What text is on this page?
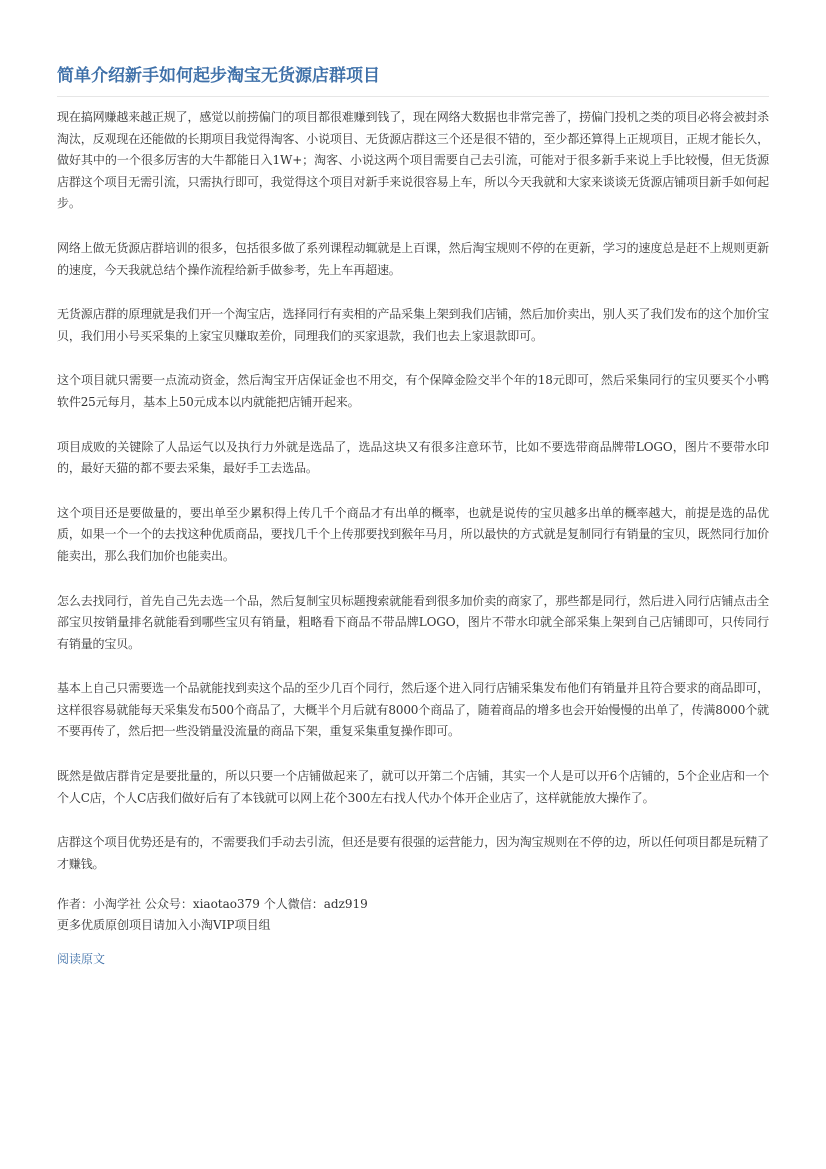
简单介绍新手如何起步淘宝无货源店群项目

现在搞网赚越来越正规了，感觉以前捞偏门的项目都很难赚到钱了，现在网络大数据也非常完善了，捞偏门投机之类的项目必将会被封杀淘汰，反观现在还能做的长期项目我觉得淘客、小说项目、无货源店群这三个还是很不错的，至少都还算得上正规项目，正规才能长久，做好其中的一个很多厉害的大牛都能日入1W+；淘客、小说这两个项目需要自己去引流，可能对于很多新手来说上手比较慢，但无货源店群这个项目无需引流，只需执行即可，我觉得这个项目对新手来说很容易上车，所以今天我就和大家来谈谈无货源店铺项目新手如何起步。

网络上做无货源店群培训的很多，包括很多做了系列课程动辄就是上百课，然后淘宝规则不停的在更新，学习的速度总是赶不上规则更新的速度，今天我就总结个操作流程给新手做参考，先上车再超速。

无货源店群的原理就是我们开一个淘宝店，选择同行有卖相的产品采集上架到我们店铺，然后加价卖出，别人买了我们发布的这个加价宝贝，我们用小号买采集的上家宝贝赚取差价，同理我们的买家退款，我们也去上家退款即可。

这个项目就只需要一点流动资金，然后淘宝开店保证金也不用交，有个保障金险交半个年的18元即可，然后采集同行的宝贝要买个小鸭软件25元每月，基本上50元成本以内就能把店铺开起来。

项目成败的关键除了人品运气以及执行力外就是选品了，选品这块又有很多注意环节，比如不要选带商品牌带LOGO，图片不要带水印的，最好天猫的都不要去采集，最好手工去选品。

这个项目还是要做量的，要出单至少累积得上传几千个商品才有出单的概率，也就是说传的宝贝越多出单的概率越大，前提是选的品优质，如果一个一个的去找这种优质商品，要找几千个上传那要找到猴年马月，所以最快的方式就是复制同行有销量的宝贝，既然同行加价能卖出，那么我们加价也能卖出。

怎么去找同行，首先自己先去选一个品，然后复制宝贝标题搜索就能看到很多加价卖的商家了，那些都是同行，然后进入同行店铺点击全部宝贝按销量排名就能看到哪些宝贝有销量，粗略看下商品不带品牌LOGO，图片不带水印就全部采集上架到自己店铺即可，只传同行有销量的宝贝。

基本上自己只需要选一个品就能找到卖这个品的至少几百个同行，然后逐个进入同行店铺采集发布他们有销量并且符合要求的商品即可，这样很容易就能每天采集发布500个商品了，大概半个月后就有8000个商品了，随着商品的增多也会开始慢慢的出单了，传满8000个就不要再传了，然后把一些没销量没流量的商品下架，重复采集重复操作即可。

既然是做店群肯定是要批量的，所以只要一个店铺做起来了，就可以开第二个店铺，其实一个人是可以开6个店铺的，5个企业店和一个个人C店，个人C店我们做好后有了本钱就可以网上花个300左右找人代办个体开企业店了，这样就能放大操作了。

店群这个项目优势还是有的，不需要我们手动去引流，但还是要有很强的运营能力，因为淘宝规则在不停的边，所以任何项目都是玩精了才赚钱。

作者：小淘学社 公众号：xiaotao379 个人微信：adz919
更多优质原创项目请加入小淘VIP项目组
阅读原文
